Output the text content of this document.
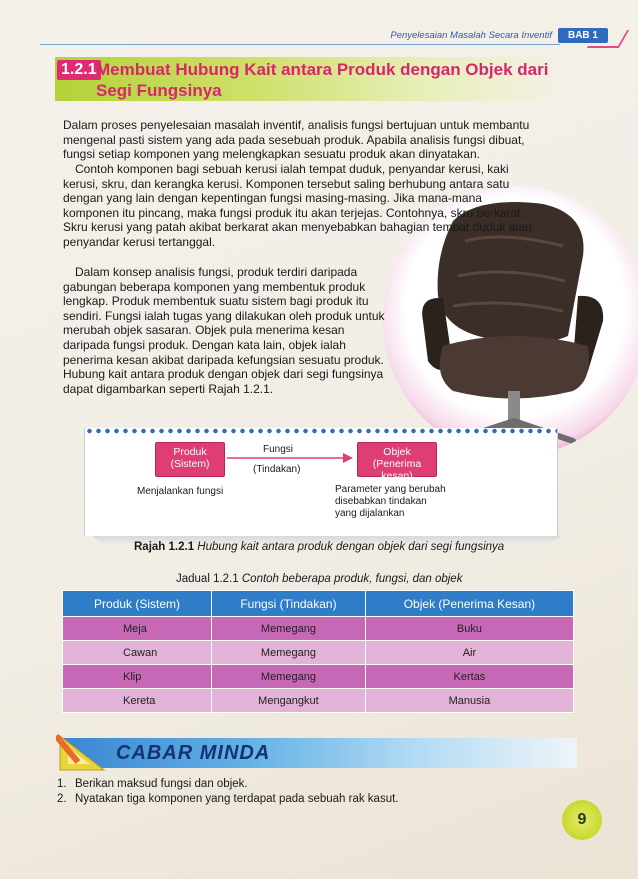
Penyelesaian Masalah Secara Inventif	BAB 1
1.2.1 Membuat Hubung Kait antara Produk dengan Objek dari Segi Fungsinya

Dalam proses penyelesaian masalah inventif, analisis fungsi bertujuan untuk membantu mengenal pasti sistem yang ada pada sesebuah produk. Apabila analisis fungsi dibuat, fungsi setiap komponen yang melengkapkan sesuatu produk akan dinyatakan.

Contoh komponen bagi sebuah kerusi ialah tempat duduk, penyandar kerusi, kaki kerusi, skru, dan kerangka kerusi. Komponen tersebut saling berhubung antara satu dengan yang lain dengan kepentingan fungsi masing-masing. Jika mana-mana komponen itu pincang, maka fungsi produk itu akan terjejas. Contohnya, skru berkarat. Skru kerusi yang patah akibat berkarat akan menyebabkan bahagian tempat duduk atau penyandar kerusi tertanggal.

Dalam konsep analisis fungsi, produk terdiri daripada gabungan beberapa komponen yang membentuk produk lengkap. Produk membentuk suatu sistem bagi produk itu sendiri. Fungsi ialah tugas yang dilakukan oleh produk untuk merubah objek sasaran. Objek pula menerima kesan daripada fungsi produk. Dengan kata lain, objek ialah penerima kesan akibat daripada kefungsian sesuatu produk. Hubung kait antara produk dengan objek dari segi fungsinya dapat digambarkan seperti Rajah 1.2.1.

Produk
(Sistem)
Fungsi
(Tindakan)
Objek
(Penerima kesan)
Menjalankan fungsi	Parameter yang berubah
disebabkan tindakan
yang dijalankan
Rajah 1.2.1 Hubung kait antara produk dengan objek dari segi fungsinya
Jadual 1.2.1 Contoh beberapa produk, fungsi, dan objek
Produk (Sistem)	Fungsi (Tindakan)	Objek (Penerima Kesan)
Meja	Memegang	Buku
Cawan	Memegang	Air
Klip	Memegang	Kertas
Kereta	Mengangkut	Manusia
CABAR MINDA
1. Berikan maksud fungsi dan objek.
2. Nyatakan tiga komponen yang terdapat pada sebuah rak kasut.
9
